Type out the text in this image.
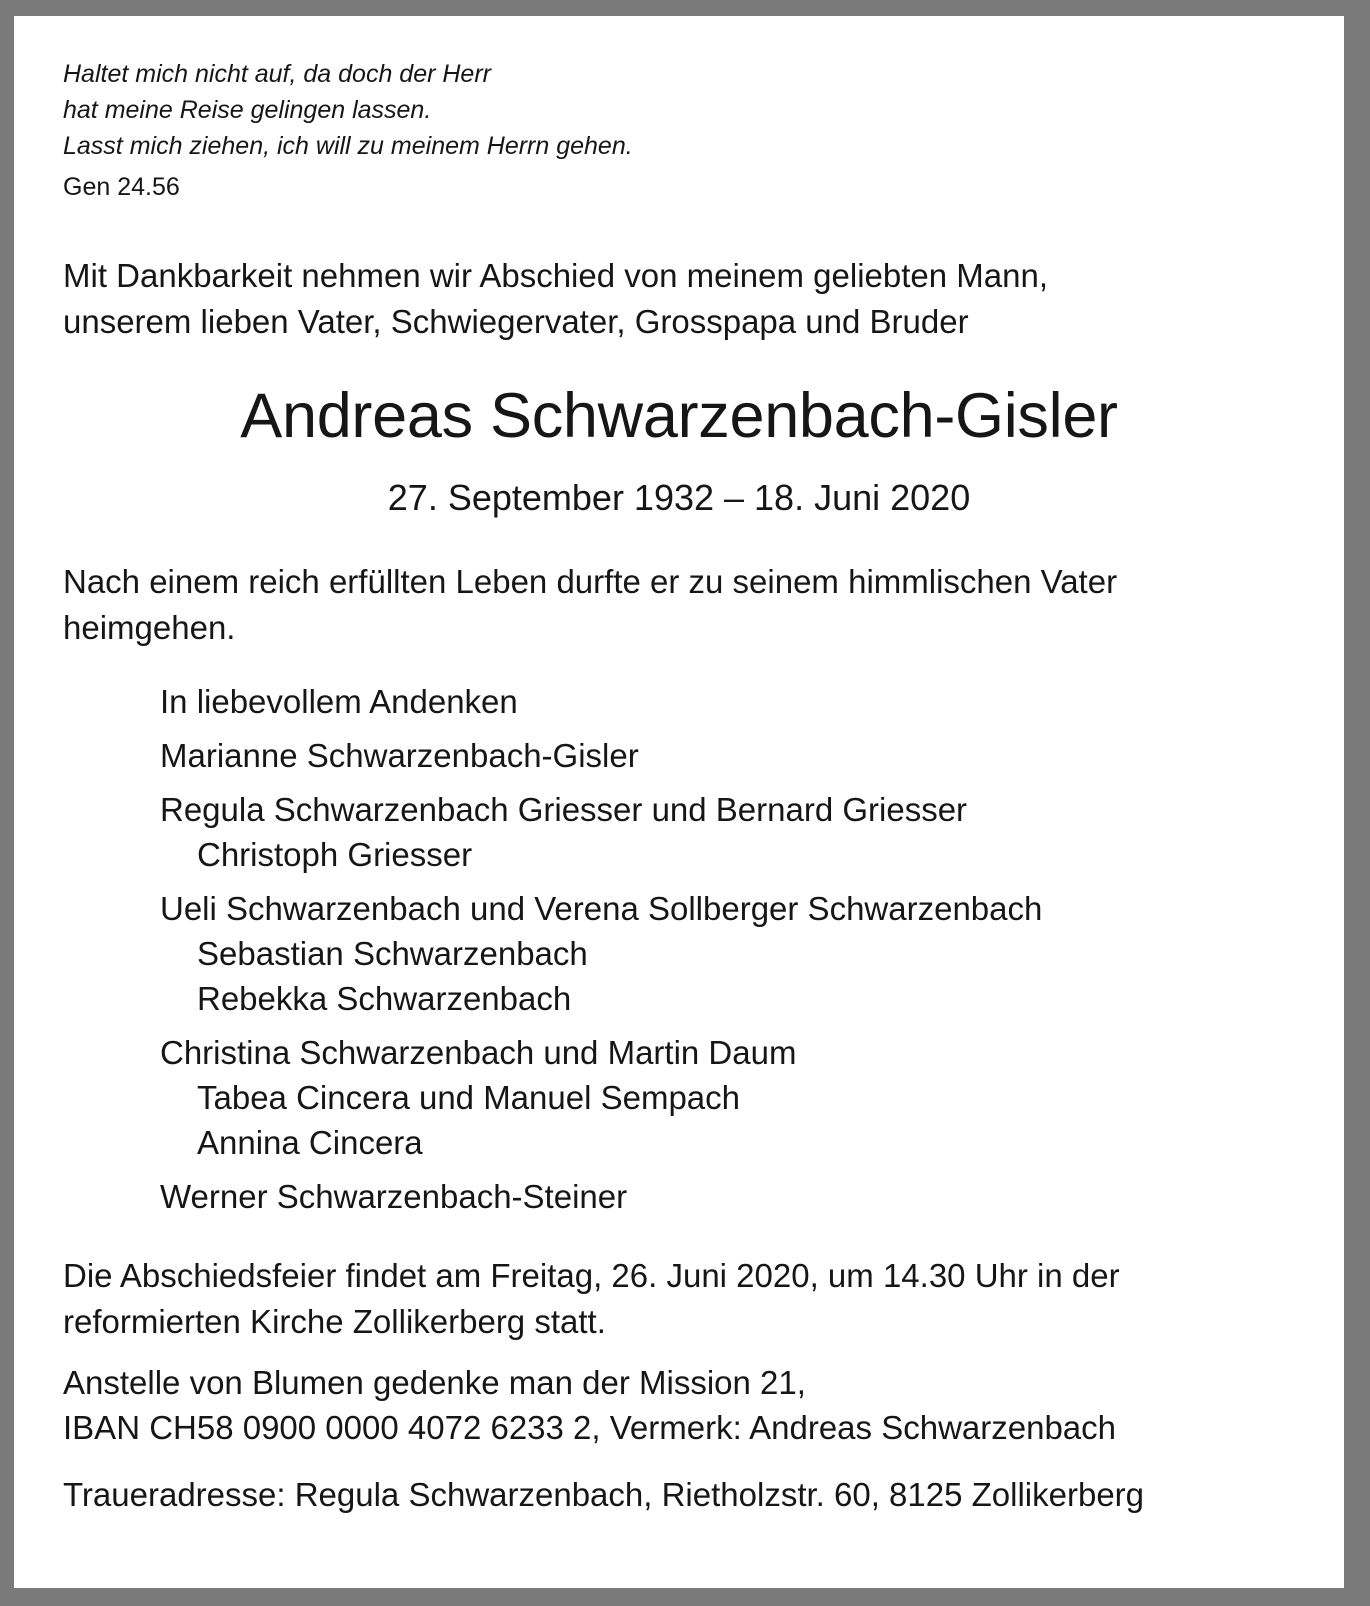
Haltet mich nicht auf, da doch der Herr
hat meine Reise gelingen lassen.
Lasst mich ziehen, ich will zu meinem Herrn gehen.
Gen 24.56
Mit Dankbarkeit nehmen wir Abschied von meinem geliebten Mann,
unserem lieben Vater, Schwiegervater, Grosspapa und Bruder
Andreas Schwarzenbach-Gisler
27. September 1932 – 18. Juni 2020
Nach einem reich erfüllten Leben durfte er zu seinem himmlischen Vater
heimgehen.
In liebevollem Andenken
Marianne Schwarzenbach-Gisler
Regula Schwarzenbach Griesser und Bernard Griesser
Christoph Griesser
Ueli Schwarzenbach und Verena Sollberger Schwarzenbach
Sebastian Schwarzenbach
Rebekka Schwarzenbach
Christina Schwarzenbach und Martin Daum
Tabea Cincera und Manuel Sempach
Annina Cincera
Werner Schwarzenbach-Steiner
Die Abschiedsfeier findet am Freitag, 26. Juni 2020, um 14.30 Uhr in der
reformierten Kirche Zollikerberg statt.
Anstelle von Blumen gedenke man der Mission 21,
IBAN CH58 0900 0000 4072 6233 2, Vermerk: Andreas Schwarzenbach
Traueradresse: Regula Schwarzenbach, Rietholzstr. 60, 8125 Zollikerberg
